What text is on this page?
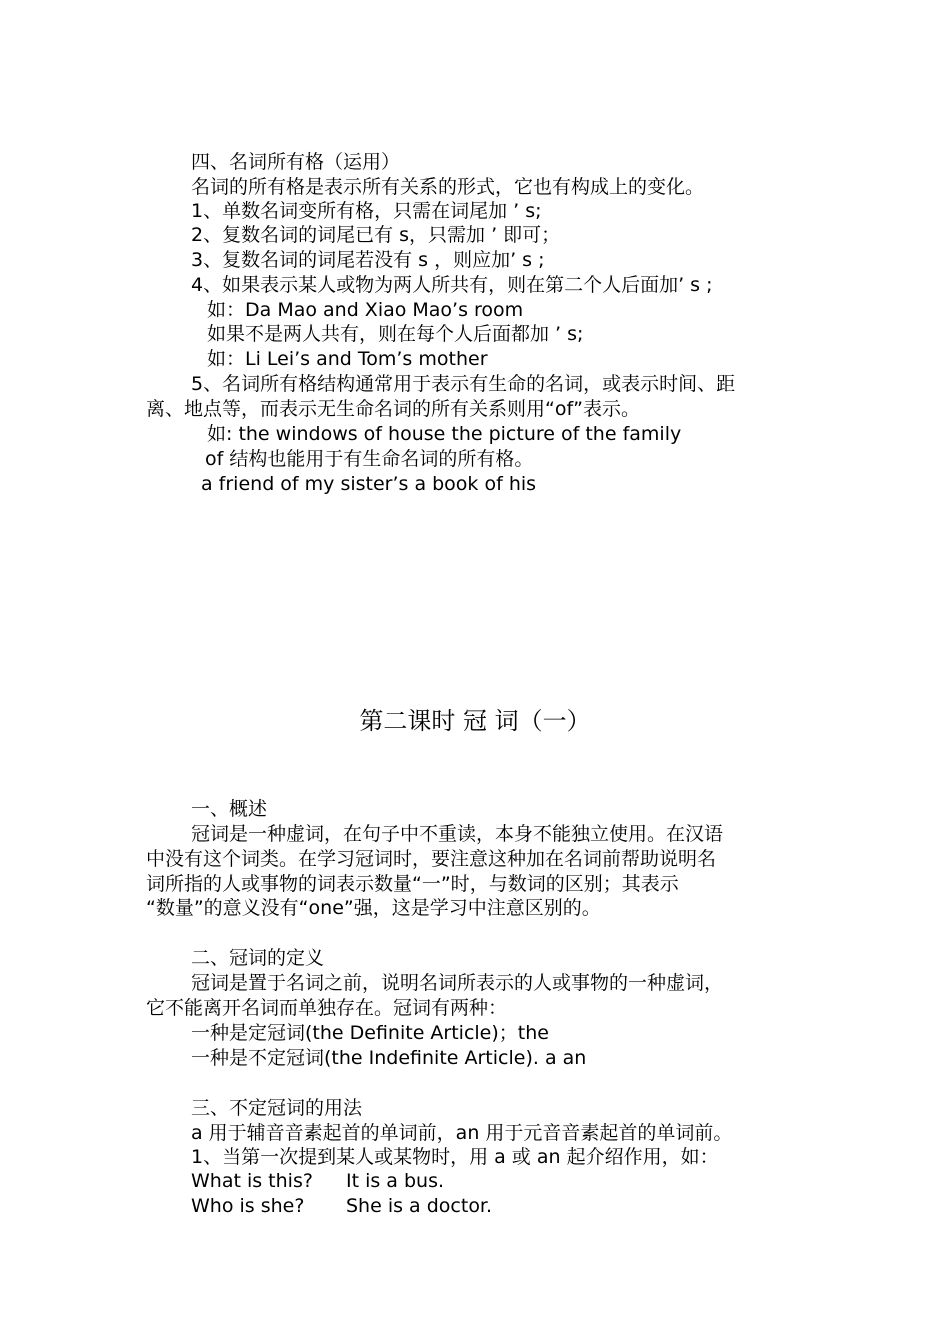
四、名词所有格（运用）
名词的所有格是表示所有关系的形式，它也有构成上的变化。
1、单数名词变所有格，只需在词尾加 ’ s;
2、复数名词的词尾已有 s，只需加 ’ 即可；
3、复数名词的词尾若没有 s ，则应加’ s ;
4、如果表示某人或物为两人所共有，则在第二个人后面加’ s ;
如：Da Mao and Xiao Mao’s room
如果不是两人共有，则在每个人后面都加 ’ s;
如：Li Lei’s and Tom’s mother
5、名词所有格结构通常用于表示有生命的名词，或表示时间、距
离、地点等，而表示无生命名词的所有关系则用“of”表示。
如: the windows of house the picture of the family
of 结构也能用于有生命名词的所有格。
a friend of my sister’s a book of his
第二课时 冠 词（一）
一、概述
冠词是一种虚词，在句子中不重读，本身不能独立使用。在汉语
中没有这个词类。在学习冠词时，要注意这种加在名词前帮助说明名
词所指的人或事物的词表示数量“一”时，与数词的区别；其表示
“数量”的意义没有“one”强，这是学习中注意区别的。
二、冠词的定义
冠词是置于名词之前，说明名词所表示的人或事物的一种虚词，
它不能离开名词而单独存在。冠词有两种：
一种是定冠词(the Definite Article)；the
一种是不定冠词(the Indefinite Article). a an
三、不定冠词的用法
a 用于辅音音素起首的单词前，an 用于元音音素起首的单词前。
1、当第一次提到某人或某物时，用 a 或 an 起介绍作用，如：
What is this? It is a bus.
Who is she? She is a doctor.
